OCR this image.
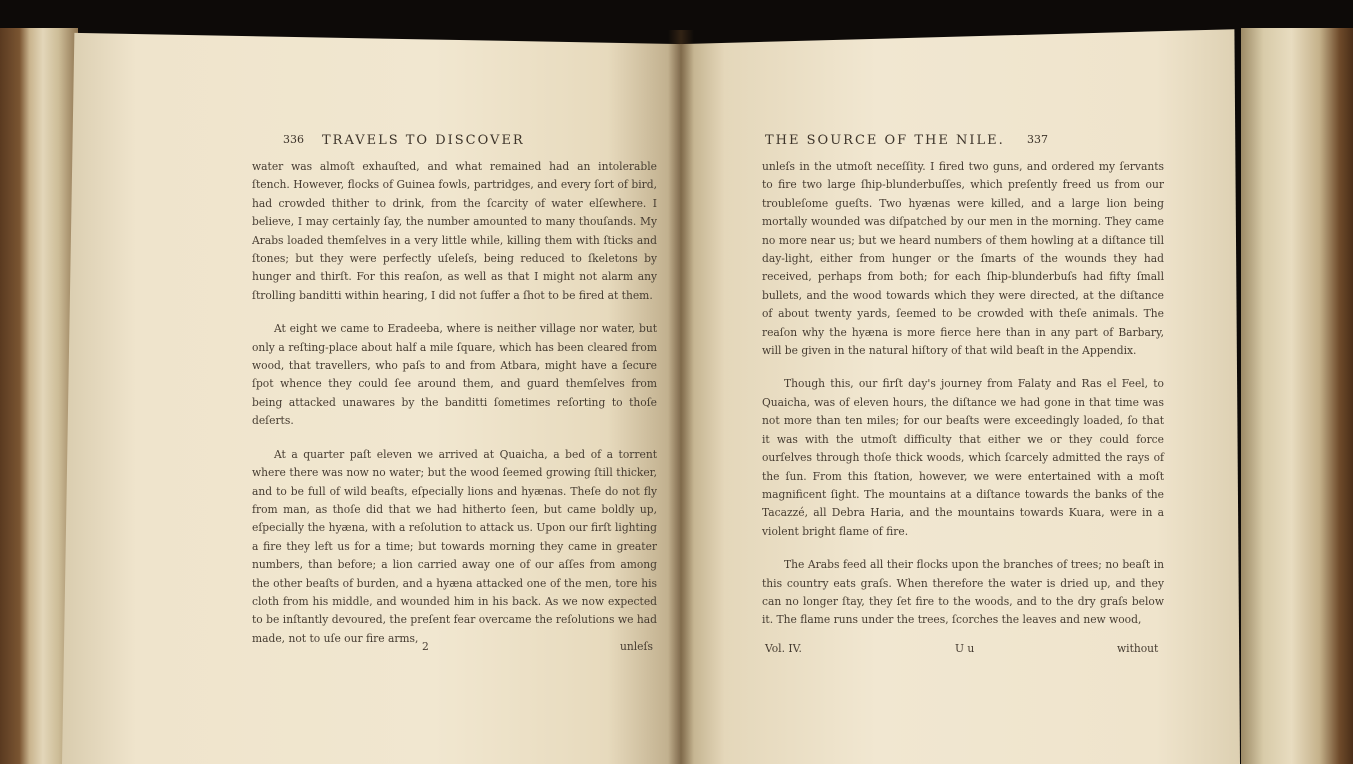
336 TRAVELS TO DISCOVER	THE SOURCE OF THE NILE. 337

water was almoſt exhauſted, and what remained had an intolerable ſtench. However, flocks of Guinea fowls, partridges, and every ſort of bird, had crowded thither to drink, from the ſcarcity of water elſewhere. I believe, I may certainly ſay, the number amounted to many thouſands. My Arabs loaded themſelves in a very little while, killing them with ſticks and ſtones; but they were perfectly uſeleſs, being reduced to ſkeletons by hunger and thirſt. For this reaſon, as well as that I might not alarm any ſtrolling banditti within hearing, I did not ſuffer a ſhot to be fired at them.

At eight we came to Eradeeba, where is neither village nor water, but only a reſting-place about half a mile ſquare, which has been cleared from wood, that travellers, who paſs to and from Atbara, might have a ſecure ſpot whence they could ſee around them, and guard themſelves from being attacked unawares by the banditti ſometimes reſorting to thoſe deſerts.

At a quarter paſt eleven we arrived at Quaicha, a bed of a torrent where there was now no water; but the wood ſeemed growing ſtill thicker, and to be full of wild beaſts, eſpecially lions and hyænas. Theſe do not fly from man, as thoſe did that we had hitherto ſeen, but came boldly up, eſpecially the hyæna, with a reſolution to attack us. Upon our firſt lighting a fire they left us for a time; but towards morning they came in greater numbers, than before; a lion carried away one of our aſſes from among the other beaſts of burden, and a hyæna attacked one of the men, tore his cloth from his middle, and wounded him in his back. As we now expected to be inſtantly devoured, the preſent fear overcame the reſolutions we had made, not to uſe our fire arms,

2	unleſs

unleſs in the utmoſt neceſſity. I fired two guns, and ordered my ſervants to fire two large ſhip-blunderbuſſes, which preſently freed us from our troubleſome gueſts. Two hyænas were killed, and a large lion being mortally wounded was diſpatched by our men in the morning. They came no more near us; but we heard numbers of them howling at a diſtance till day-light, either from hunger or the ſmarts of the wounds they had received, perhaps from both; for each ſhip-blunderbuſs had fifty ſmall bullets, and the wood towards which they were directed, at the diſtance of about twenty yards, ſeemed to be crowded with theſe animals. The reaſon why the hyæna is more fierce here than in any part of Barbary, will be given in the natural hiſtory of that wild beaſt in the Appendix.

Though this, our firſt day's journey from Falaty and Ras el Feel, to Quaicha, was of eleven hours, the diſtance we had gone in that time was not more than ten miles; for our beaſts were exceedingly loaded, ſo that it was with the utmoſt difficulty that either we or they could force ourſelves through thoſe thick woods, which ſcarcely admitted the rays of the ſun. From this ſtation, however, we were entertained with a moſt magnificent ſight. The mountains at a diſtance towards the banks of the Tacazzé, all Debra Haria, and the mountains towards Kuara, were in a violent bright flame of fire.

The Arabs feed all their flocks upon the branches of trees; no beaſt in this country eats graſs. When therefore the water is dried up, and they can no longer ſtay, they ſet fire to the woods, and to the dry graſs below it. The flame runs under the trees, ſcorches the leaves and new wood,

Vol. IV.	U u	without
